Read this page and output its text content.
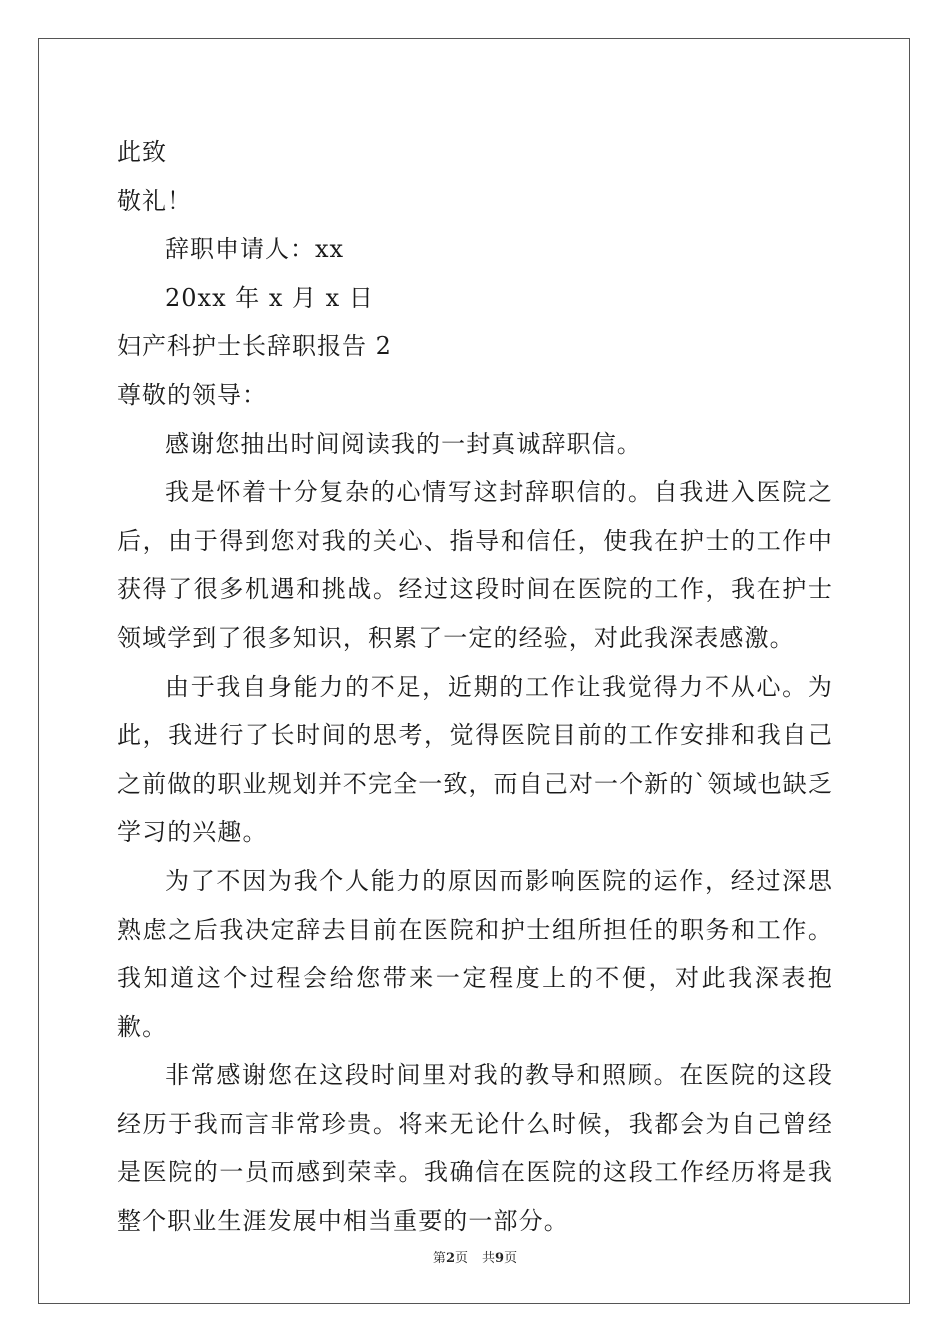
此致
敬礼！
辞职申请人：xx
20xx 年 x 月 x 日
妇产科护士长辞职报告 2
尊敬的领导：

感谢您抽出时间阅读我的一封真诚辞职信。

我是怀着十分复杂的心情写这封辞职信的。自我进入医院之后，由于得到您对我的关心、指导和信任，使我在护士的工作中获得了很多机遇和挑战。经过这段时间在医院的工作，我在护士领域学到了很多知识，积累了一定的经验，对此我深表感激。

由于我自身能力的不足，近期的工作让我觉得力不从心。为此，我进行了长时间的思考，觉得医院目前的工作安排和我自己之前做的职业规划并不完全一致，而自己对一个新的`领域也缺乏学习的兴趣。

为了不因为我个人能力的原因而影响医院的运作，经过深思熟虑之后我决定辞去目前在医院和护士组所担任的职务和工作。我知道这个过程会给您带来一定程度上的不便，对此我深表抱歉。

非常感谢您在这段时间里对我的教导和照顾。在医院的这段经历于我而言非常珍贵。将来无论什么时候，我都会为自己曾经是医院的一员而感到荣幸。我确信在医院的这段工作经历将是我整个职业生涯发展中相当重要的一部分。

第2页 共9页
